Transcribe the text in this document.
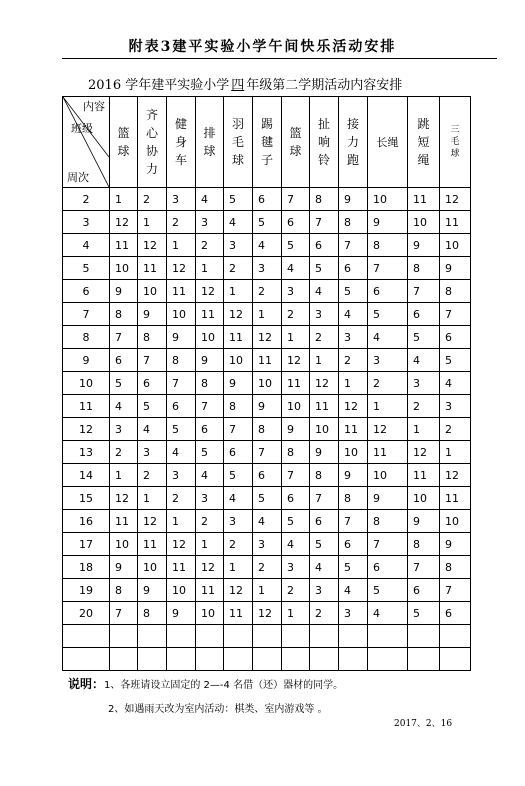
附表3建平实验小学午间快乐活动安排
2016 学年建平实验小学 四 年级第二学期活动内容安排
内容
班级
周次	篮球	齐心协力	健身车	排球	羽毛球	踢毽子	篮球	扯响铃	接力跑	长绳	跳短绳	三毛球
2	1	2	3	4	5	6	7	8	9	10	11	12
3	12	1	2	3	4	5	6	7	8	9	10	11
4	11	12	1	2	3	4	5	6	7	8	9	10
5	10	11	12	1	2	3	4	5	6	7	8	9
6	9	10	11	12	1	2	3	4	5	6	7	8
7	8	9	10	11	12	1	2	3	4	5	6	7
8	7	8	9	10	11	12	1	2	3	4	5	6
9	6	7	8	9	10	11	12	1	2	3	4	5
10	5	6	7	8	9	10	11	12	1	2	3	4
11	4	5	6	7	8	9	10	11	12	1	2	3
12	3	4	5	6	7	8	9	10	11	12	1	2
13	2	3	4	5	6	7	8	9	10	11	12	1
14	1	2	3	4	5	6	7	8	9	10	11	12
15	12	1	2	3	4	5	6	7	8	9	10	11
16	11	12	1	2	3	4	5	6	7	8	9	10
17	10	11	12	1	2	3	4	5	6	7	8	9
18	9	10	11	12	1	2	3	4	5	6	7	8
19	8	9	10	11	12	1	2	3	4	5	6	7
20	7	8	9	10	11	12	1	2	3	4	5	6

说明：1、各班请设立固定的 2—-4 名借（还）器材的同学。
2、如遇雨天改为室内活动：棋类、室内游戏等 。
2017、2、16
